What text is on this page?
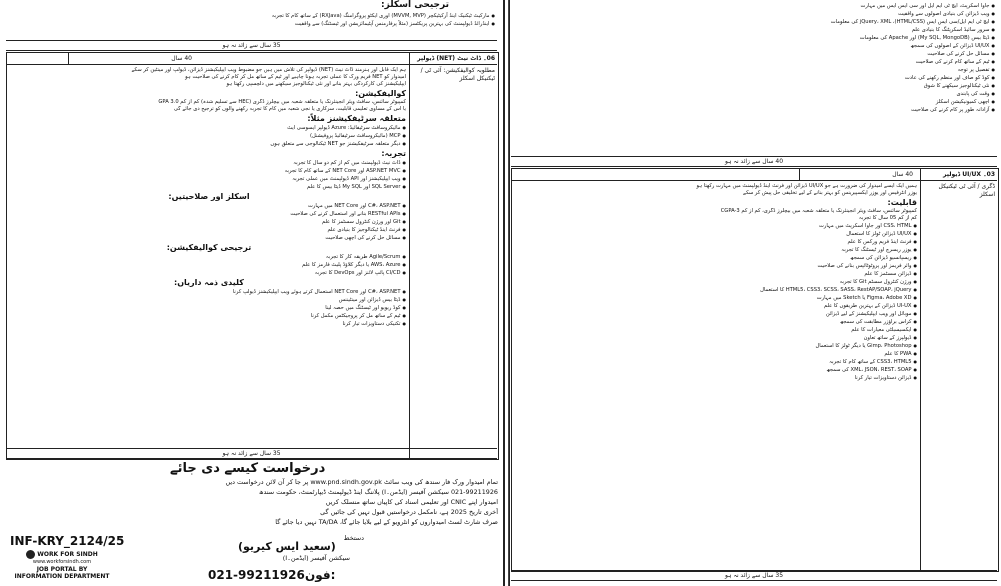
ترجیحی اسکلز:
● مارکیٹ ٹیکنیک اینڈ آرکیٹیکچر (MVVM, MVP) اوری ایکٹو پروگرامنگ (RXJava) کے ساتھ کام کا تجربہ
● اینڈرائڈ ڈیولپمنٹ کی بہترین پریکٹسز (مثلاً پرفارمنس آپٹیمائزیشن اور ٹیسٹنگ) سے واقفیت
35 سال سے زائد نہ ہو
06۔ ڈاٹ نیٹ (NET) ڈیولپر
مطلوبہ کوالیفکیشن: آئی ٹی / ٹیکنیکل اسکلز
40 سال
ہم ایک قابل اور ہنرمند ڈاٹ نیٹ (NET) ڈیولپر کی تلاش میں ہیں جو مضبوط ویب ایپلیکیشنز ڈیزائن، ڈیولپ اور مینٹین کر سکے
امیدوار کو NET فریم ورک کا عملی تجربہ ہونا چاہیے اور ٹیم کے ساتھ مل کر کام کرنے کی صلاحیت ہو
ایپلیکیشنز کی کارکردگی بہتر بنانے اور نئی ٹیکنالوجیز سیکھنے میں دلچسپی رکھتا ہو
کوالیفکیشن:
کمپیوٹر سائنس، سافٹ ویئر انجینئرنگ یا متعلقہ شعبہ میں بیچلرز ڈگری (HEC سے تسلیم شدہ) کم از کم GPA 3.0
یا اس کے مساوی تعلیمی قابلیت، سرکاری یا نجی شعبہ میں کام کا تجربہ رکھنے والوں کو ترجیح دی جائے گی
متعلقہ سرٹیفکیشنز مثلاً:
● مائیکروسافٹ سرٹیفائیڈ: Azure ڈیولپر ایسوسی ایٹ
● MCP (مائیکروسافٹ سرٹیفائیڈ پروفیشنل)
● دیگر متعلقہ سرٹیفکیشنز جو NET ٹیکنالوجی سے متعلق ہوں
تجربہ:
● ڈاٹ نیٹ ڈیولپمنٹ میں کم از کم دو سال کا تجربہ
● ASP.NET MVC اور NET Core کے ساتھ کام کا تجربہ
● ویب ایپلیکیشنز اور API ڈیولپمنٹ میں عملی تجربہ
● SQL Server اور My SQL ڈیٹا بیس کا علم
اسکلز اور صلاحیتیں:
● C#، ASP.NET اور NET Core میں مہارت
● RESTful APIs بنانے اور استعمال کرنے کی صلاحیت
● Git اور ورژن کنٹرول سسٹمز کا علم
● فرنٹ اینڈ ٹیکنالوجیز کا بنیادی علم
● مسائل حل کرنے کی اچھی صلاحیت
ترجیحی کوالیفکیشن:
● Agile/Scrum طریقہ کار کا تجربہ
● AWS، Azure یا دیگر کلاؤڈ پلیٹ فارمز کا علم
● CI/CD پائپ لائنز اور DevOps کا تجربہ
کلیدی ذمہ داریاں:
● C#، ASP.NET اور NET Core استعمال کرتے ہوئے ویب ایپلیکیشنز ڈیولپ کرنا
● ڈیٹا بیس ڈیزائن اور مینٹیننس
● کوڈ ریویو اور ٹیسٹنگ میں حصہ لینا
● ٹیم کے ساتھ مل کر پروجیکٹس مکمل کرنا
● تکنیکی دستاویزات تیار کرنا
35 سال سے زائد نہ ہو
درخواست کیسے دی جائے
تمام امیدوار ورک فار سندھ کی ویب سائٹ www.pnd.sindh.gov.pk پر جا کر آن لائن درخواست دیں
021-99211926 سیکشن آفیسر (ایڈمن۔I) پلاننگ اینڈ ڈیولپمنٹ ڈیپارٹمنٹ، حکومت سندھ
امیدوار اپنے CNIC اور تعلیمی اسناد کی کاپیاں ساتھ منسلک کریں
آخری تاریخ 2025 ہے، نامکمل درخواستیں قبول نہیں کی جائیں گی
صرف شارٹ لسٹ امیدواروں کو انٹرویو کے لیے بلایا جائے گا، TA/DA نہیں دیا جائے گا
INF-KRY_2124/25
WORK FOR SINDH
www.workforsindh.com
JOB PORTAL BY
INFORMATION DEPARTMENT
(سعید ایس کیریو)
دستخط
سیکشن آفیسر (ایڈمن۔I)
021-99211926 فون:
● جاوا اسکرپٹ، ایچ ٹی ایم ایل اور سی ایس ایس میں مہارت
● ویب ڈیزائن کی بنیادی اصولوں سے واقفیت
● ایچ ٹی ایم ایل/سی ایس ایس (HTML/CSS)، jQuery، XML کی معلومات
● سرور سائیڈ اسکرپٹنگ کا بنیادی علم
● ڈیٹا بیس (My SQL, MongoDB) اور Apache کی معلومات
● UI/UX ڈیزائن کے اصولوں کی سمجھ
● مسائل حل کرنے کی صلاحیت
● ٹیم کے ساتھ کام کرنے کی صلاحیت
● تفصیل پر توجہ
● کوڈ کو صاف اور منظم رکھنے کی عادت
● نئی ٹیکنالوجیز سیکھنے کا شوق
● وقت کی پابندی
● اچھی کمیونیکیشن اسکلز
● آزادانہ طور پر کام کرنے کی صلاحیت
40 سال سے زائد نہ ہو
03۔ UI/UX ڈیولپر
ڈگری / آئی ٹی ٹیکنیکل اسکلز
40 سال
ہمیں ایک ایسے امیدوار کی ضرورت ہے جو UI/UX ڈیزائن اور فرنٹ اینڈ ڈیولپمنٹ میں مہارت رکھتا ہو
یوزر انٹرفیس اور یوزر ایکسپیرینس کو بہتر بنانے کے لیے تخلیقی حل پیش کر سکے
قابلیت:
کمپیوٹر سائنس، سافٹ ویئر انجینئرنگ یا متعلقہ شعبہ میں بیچلرز ڈگری، کم از کم CGPA-3
کم از کم 05 سال کا تجربہ
● CSS، HTML اور جاوا اسکرپٹ میں مہارت
● UI/UX ڈیزائن ٹولز کا استعمال
● فرنٹ اینڈ فریم ورکس کا علم
● یوزر ریسرچ اور ٹیسٹنگ کا تجربہ
● ریسپانسیو ڈیزائن کی سمجھ
● وائر فریمز اور پروٹوٹائپس بنانے کی صلاحیت
● ڈیزائن سسٹمز کا علم
● ورژن کنٹرول سسٹم Git کا تجربہ
● HTML5، CSS3، SCSS، SASS، RestAP/SOAP، jQuery کا استعمال
● Figma، Adobe XD یا Sketch میں مہارت
● UI-UX ڈیزائن کے بہترین طریقوں کا علم
● موبائل اور ویب ایپلیکیشنز کے لیے ڈیزائن
● کراس براؤزر مطابقت کی سمجھ
● ایکسیسبلٹی معیارات کا علم
● ڈیولپرز کے ساتھ تعاون
● Gimp، Photoshop یا دیگر ٹولز کا استعمال
● PWA کا علم
● CSS3، HTML5 کے ساتھ کام کا تجربہ
● XML، JSON، REST، SOAP کی سمجھ
● ڈیزائن دستاویزات تیار کرنا
35 سال سے زائد نہ ہو
